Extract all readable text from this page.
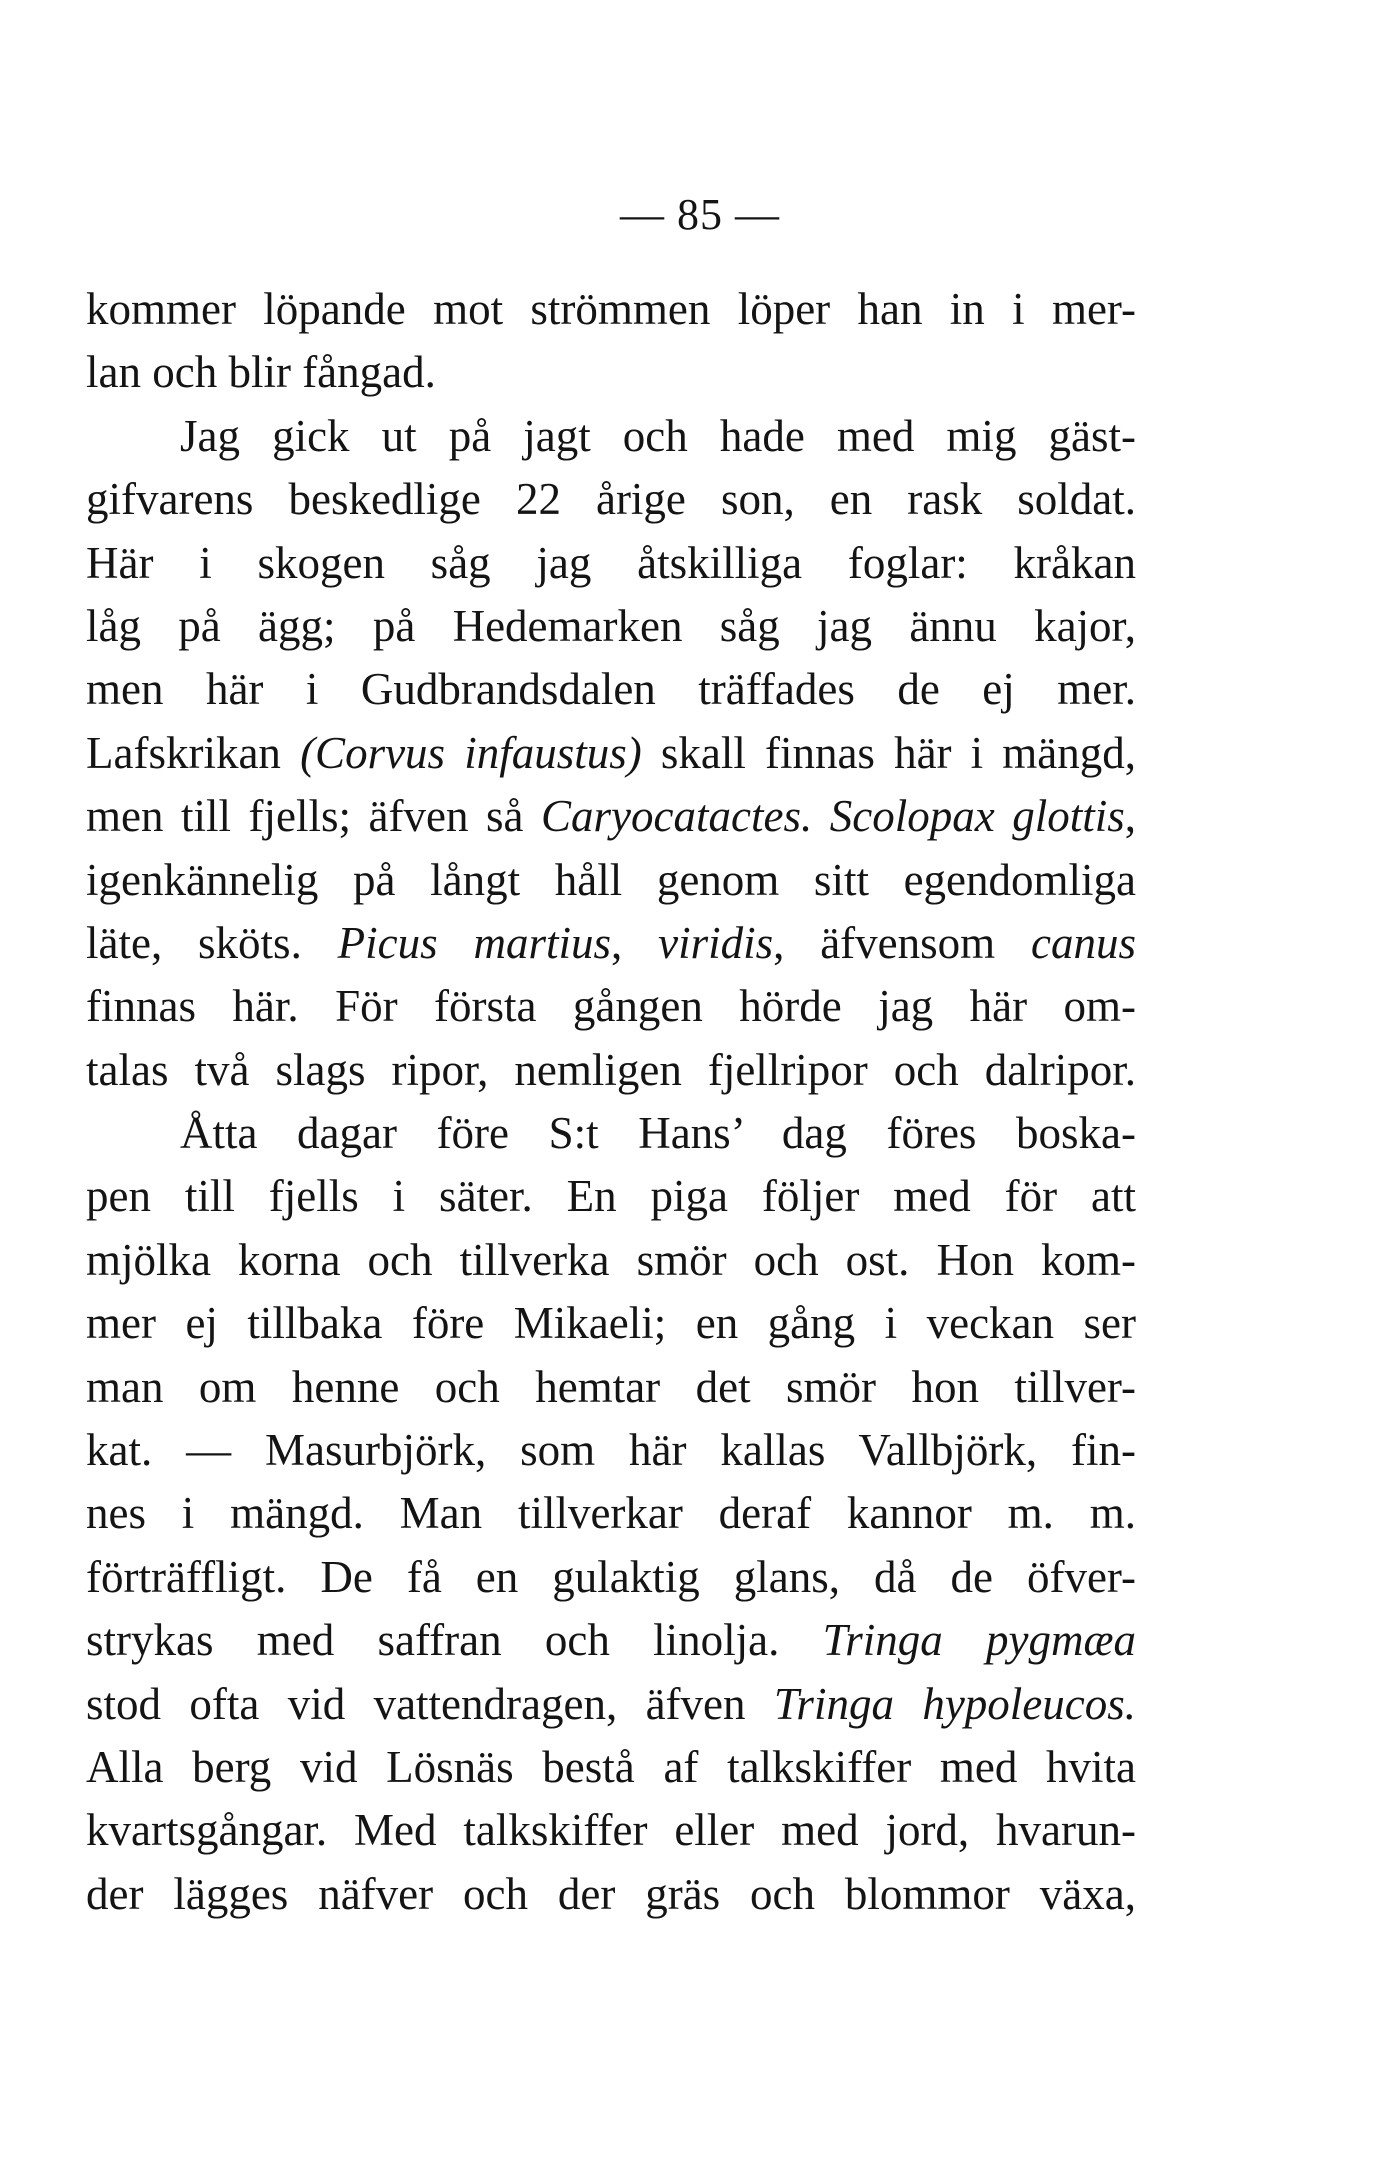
— 85 —
kommer löpande mot strömmen löper han in i mer-
lan och blir fångad.
Jag gick ut på jagt och hade med mig gäst-
gifvarens beskedlige 22 årige son, en rask soldat.
Här i skogen såg jag åtskilliga foglar: kråkan
låg på ägg; på Hedemarken såg jag ännu kajor,
men här i Gudbrandsdalen träffades de ej mer.
Lafskrikan (Corvus infaustus) skall finnas här i mängd,
men till fjells; äfven så Caryocatactes. Scolopax glottis,
igenkännelig på långt håll genom sitt egendomliga
läte, sköts. Picus martius, viridis, äfvensom canus
finnas här. För första gången hörde jag här om-
talas två slags ripor, nemligen fjellripor och dalripor.
Åtta dagar före S:t Hans’ dag föres boska-
pen till fjells i säter. En piga följer med för att
mjölka korna och tillverka smör och ost. Hon kom-
mer ej tillbaka före Mikaeli; en gång i veckan ser
man om henne och hemtar det smör hon tillver-
kat. — Masurbjörk, som här kallas Vallbjörk, fin-
nes i mängd. Man tillverkar deraf kannor m. m.
förträffligt. De få en gulaktig glans, då de öfver-
strykas med saffran och linolja. Tringa pygmæa
stod ofta vid vattendragen, äfven Tringa hypoleucos.
Alla berg vid Lösnäs bestå af talkskiffer med hvita
kvartsgångar. Med talkskiffer eller med jord, hvarun-
der lägges näfver och der gräs och blommor växa,
